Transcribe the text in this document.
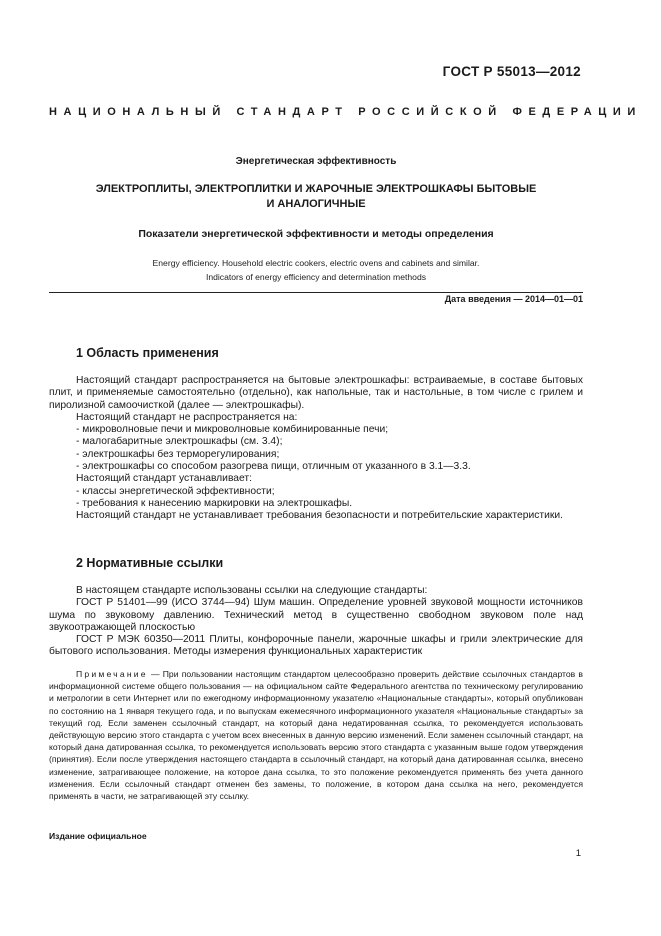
ГОСТ Р 55013—2012
НАЦИОНАЛЬНЫЙ СТАНДАРТ РОССИЙСКОЙ ФЕДЕРАЦИИ
Энергетическая эффективность
ЭЛЕКТРОПЛИТЫ, ЭЛЕКТРОПЛИТКИ И ЖАРОЧНЫЕ ЭЛЕКТРОШКАФЫ БЫТОВЫЕ
И АНАЛОГИЧНЫЕ
Показатели энергетической эффективности и методы определения
Energy efficiency. Household electric cookers, electric ovens and cabinets and similar.
Indicators of energy efficiency and determination methods
Дата введения — 2014—01—01
1 Область применения

Настоящий стандарт распространяется на бытовые электрошкафы: встраиваемые, в составе бытовых плит, и применяемые самостоятельно (отдельно), как напольные, так и настольные, в том числе с грилем и пиролизной самоочисткой (далее — электрошкафы).

Настоящий стандарт не распространяется на:

- микроволновые печи и микроволновые комбинированные печи;

- малогабаритные электрошкафы (см. 3.4);

- электрошкафы без терморегулирования;

- электрошкафы со способом разогрева пищи, отличным от указанного в 3.1—3.3.

Настоящий стандарт устанавливает:

- классы энергетической эффективности;

- требования к нанесению маркировки на электрошкафы.

Настоящий стандарт не устанавливает требования безопасности и потребительские характеристики.

2 Нормативные ссылки

В настоящем стандарте использованы ссылки на следующие стандарты:

ГОСТ Р 51401—99 (ИСО 3744—94) Шум машин. Определение уровней звуковой мощности источников шума по звуковому давлению. Технический метод в существенно свободном звуковом поле над звукоотражающей плоскостью

ГОСТ Р МЭК 60350—2011 Плиты, конфорочные панели, жарочные шкафы и грили электрические для бытового использования. Методы измерения функциональных характеристик

Примечание — При пользовании настоящим стандартом целесообразно проверить действие ссылочных стандартов в информационной системе общего пользования — на официальном сайте Федерального агентства по техническому регулированию и метрологии в сети Интернет или по ежегодному информационному указателю «Национальные стандарты», который опубликован по состоянию на 1 января текущего года, и по выпускам ежемесячного информационного указателя «Национальные стандарты» за текущий год. Если заменен ссылочный стандарт, на который дана недатированная ссылка, то рекомендуется использовать действующую версию этого стандарта с учетом всех внесенных в данную версию изменений. Если заменен ссылочный стандарт, на который дана датированная ссылка, то рекомендуется использовать версию этого стандарта с указанным выше годом утверждения (принятия). Если после утверждения настоящего стандарта в ссылочный стандарт, на который дана датированная ссылка, внесено изменение, затрагивающее положение, на которое дана ссылка, то это положение рекомендуется применять без учета данного изменения. Если ссылочный стандарт отменен без замены, то положение, в котором дана ссылка на него, рекомендуется применять в части, не затрагивающей эту ссылку.

Издание официальное
1
